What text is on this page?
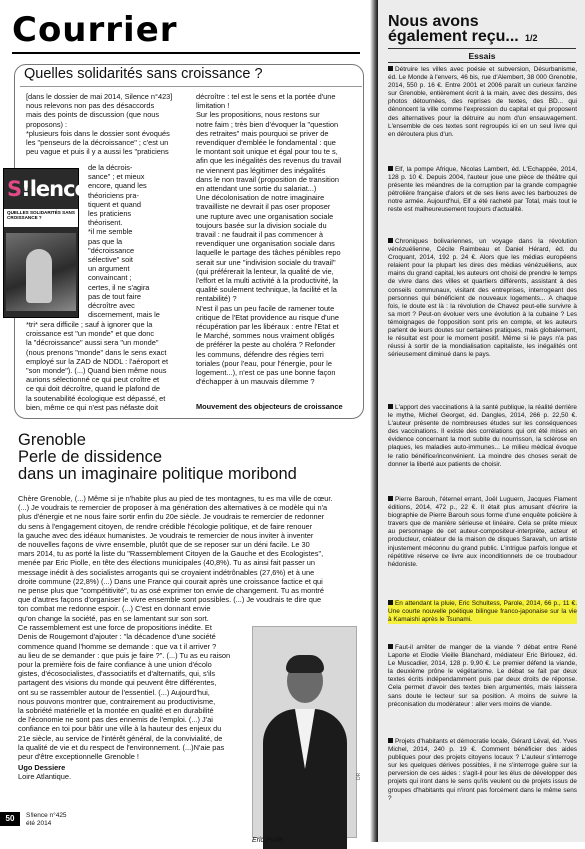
Courrier
Quelles solidarités sans croissance ?
[dans le dossier de mai 2014, Silence n°423]
nous relevons non pas des désaccords
mais des points de discussion (que nous
proposons) :
*plusieurs fois dans le dossier sont évoqués
les "penseurs de la décroissance" ; c'est un
peu vague et puis il y a aussi les "praticiens
S!lence
QUELLES SOLIDARITÉS SANS CROISSANCE ?
de la décrois-
sance" ; et mieux
encore, quand les
théoriciens pra-
tiquent et quand
les praticiens
théorisent.
*il me semble
pas que la
"décroissance
sélective" soit
un argument
convaincant ;
certes, il ne s'agira
pas de tout faire
décroître avec
discernement, mais le
*tri* sera difficile ; sauf à ignorer que la
croissance est "un monde" et que donc
la "décroissance" aussi sera "un monde"
(nous prenons "monde" dans le sens exact
employé sur la ZAD de NDDL : l'aéroport et
"son monde"). (...) Quand bien même nous
aurions sélectionné ce qui peut croître et
ce qui doit décroître, quand le plafond de
la soutenabilité écologique est dépassé, et
bien, même ce qui n'est pas néfaste doit
décroître : tel est le sens et la portée d'une
limitation !
Sur les propositions, nous restons sur
notre faim ; très bien d'évoquer la "question
des retraites" mais pourquoi se priver de
revendiquer d'emblée le fondamental : que
le montant soit unique et égal pour tou te s,
afin que les inégalités des revenus du travail
ne viennent pas légitimer des inégalités
dans le non travail (proposition de transition
en attendant une sortie du salariat...)
Une décolonisation de notre imaginaire
travailliste ne devrait il pas oser proposer
une rupture avec une organisation sociale
toujours basée sur la division sociale du
travail : ne faudrait il pas commencer à
revendiquer une organisation sociale dans
laquelle le partage des tâches pénibles repo
serait sur une "indivision sociale du travail"
(qui préférerait la lenteur, la qualité de vie,
l'effort et la multi activité à la productivité, la
qualité soulement technique, la facilité et la
rentabilité) ?
N'est il pas un peu facile de ramener toute
critique de l'Etat providence au risque d'une
récupération par les libéraux : entre l'Etat et
le Marché, sommes nous vraiment obligés
de préférer la peste au choléra ? Refonder
les communs, défendre des régies terri
toriales (pour l'eau, pour l'énergie, pour le
logement...), n'est ce pas une bonne façon
d'échapper à un mauvais dilemme ?
Mouvement des objecteurs de croissance
Grenoble
Perle de dissidence
dans un imaginaire politique moribond
Chère Grenoble, (...) Même si je n'habite plus au pied de tes montagnes, tu es ma ville de cœur.
(...) Je voudrais te remercier de proposer à ma génération des alternatives à ce modèle qui n'a
plus d'énergie et ne nous faire sortir enfin du 20e siècle. Je voudrais te remercier de redonner
du sens à l'engagement citoyen, de rendre crédible l'écologie politique, et de faire renouer
la gauche avec des idéaux humanistes. Je voudrais te remercier de nous inviter à inventer
de nouvelles façons de vivre ensemble, plutôt que de se reposer sur un déni facile. Le 30
mars 2014, tu as porté la liste du "Rassemblement Citoyen de la Gauche et des Ecologistes",
menée par Eric Piolle, en tête des élections municipales (40,8%). Tu as ainsi fait passer un
message inédit à des socialistes arrogants qui se croyaient indétrônables (27,6%) et à une
droite commune (22,8%) (...) Dans une France qui courait après une croissance factice et qui
ne pense plus que "compétitivité", tu as osé exprimer ton envie de changement. Tu as montré
que d'autres façons d'organiser le vivre ensemble sont possibles. (...) Je voudrais te dire que
ton combat me redonne espoir. (...) C'est en donnant envie
qu'on change la société, pas en se lamentant sur son sort.
Ce rassemblement est une force de propositions inédite. Et
Denis de Rougemont d'ajouter : "la décadence d'une société
commence quand l'homme se demande : que va t il arriver ?
au lieu de se demander : que puis je faire ?". (...) Tu as eu raison
pour la première fois de faire confiance à une union d'écolo
gistes, d'écosocialistes, d'associatifs et d'alternatifs, qui, s'ils
partagent des visions du monde qui peuvent être différentes,
ont su se rassembler autour de l'essentiel. (...) Aujourd'hui,
nous pouvons montrer que, contrairement au productivisme,
la sobriété matérielle et la montée en qualité et en durabilité
de l'économie ne sont pas des ennemis de l'emploi. (...) J'ai
confiance en toi pour bâtir une ville à la hauteur des enjeux du
21e siècle, au service de l'intérêt général, de la convivialité, de
la qualité de vie et du respect de l'environnement. (...)N'aie pas
peur d'être exceptionnelle Grenoble !
Ugo Dessiere
Loire Atlantique.
Eric Piolle
DR
50	S!lence n°425
été 2014
Nous avons
également reçu... 1/2
Essais
Détruire les villes avec poésie et subversion, Désurbanisme, éd. Le Monde à l'envers, 46 bis, rue d'Alembert, 38 000 Grenoble, 2014, 550 p. 16 €. Entre 2001 et 2006 paraît un curieux fanzine sur Grenoble, entièrement écrit à la main, avec des dessins, des photos détournées, des reprises de textes, des BD... qui dénoncent la ville comme l'expression du capital et qui proposent des alternatives pour la détruire au nom d'un ensauvagement. L'ensemble de ces textes sont regroupés ici en un seul livre qui en déroutera plus d'un.
Elf, la pompe Afrique, Nicolas Lambert, éd. L'Echappée, 2014, 128 p. 10 €. Depuis 2004, l'auteur joue une pièce de théâtre qui présente les méandres de la corruption par la grande compagnie pétrolière française d'alors et de ses liens avec les barbouzes de notre armée. Aujourd'hui, Elf a été racheté par Total, mais tout le reste est malheureusement toujours d'actualité.
Chroniques bolivariennes, un voyage dans la révolution vénézuélienne, Cécile Raimbeau et Daniel Hérard, éd. du Croquant, 2014, 192 p. 24 €. Alors que les médias européens relaient pour la plupart les dires des médias vénézuéliens, aux mains du grand capital, les auteurs ont choisi de prendre le temps de vivre dans des villes et quartiers différents, assistant à des conseils communaux, visitant des entreprises, interrogeant des personnes qui bénéficient de nouveaux logements... A chaque fois, le doute est là : la révolution de Chavez peut-elle survivre à sa mort ? Peut-on évoluer vers une évolution à la cubaine ? Les témoignages de l'opposition sont pris en compte, et les auteurs parlent de leurs doutes sur certaines pratiques, mais globalement, le résultat est pour le moment positif. Même si le pays n'a pas réussi à sortir de la mondialisation capitaliste, les inégalités ont sérieusement diminué dans le pays.
L'apport des vaccinations à la santé publique, la réalité derrière le mythe, Michel Georget, éd. Dangles, 2014, 266 p. 22,50 €. L'auteur présente de nombreuses études sur les conséquences des vaccinations. Il existe des corrélations qui ont été mises en évidence concernant la mort subite du nourrisson, la sclérose en plaques, les maladies auto-immunes... Le milieu médical évoque le ratio bénéfice/inconvénient. La moindre des choses serait de donner la liberté aux patients de choisir.
Pierre Barouh, l'éternel errant, Joël Luguern, Jacques Flament éditions, 2014, 472 p., 22 €. Il était plus amusant d'écrire la biographie de Pierre Barouh sous forme d'une enquête policière à travers que de manière sérieuse et linéaire. Cela se prête mieux au personnage de cet auteur-compositeur-interprète, acteur et producteur, créateur de la maison de disques Saravah, un artiste injustement méconnu du grand public. L'intrigue parfois longue et répétitive réserve ce livre aux inconditionnels de ce troubadour hédoniste.
En attendant la pluie, Eric Schultess, Parole, 2014, 66 p., 11 €. Une courte nouvelle poétique bilingue franco-japonaise sur la vie à Kamaishi après le Tsunami.
Faut-il arrêter de manger de la viande ? débat entre René Laporte et Elodie Vieille Blanchard, médiateur Eric Birlouez, éd. Le Muscadier, 2014, 128 p. 9,90 €. Le premier défend la viande, la deuxième prône le végétarisme. Le débat se fait par deux textes écrits indépendamment puis par deux droits de réponse. Cela permet d'avoir des textes bien argumentés, mais laissera sans doute le lecteur sur sa position. A moins de suivre la préconisation du modérateur : aller vers moins de viande.
Projets d'habitants et démocratie locale, Gérard Léval, éd. Yves Michel, 2014, 240 p. 19 €. Comment bénéficier des aides publiques pour des projets citoyens locaux ? L'auteur s'interroge sur les quelques dérives possibles, il ne s'interroge guère sur la perversion de ces aides : s'agit-il pour les élus de développer des projets qui iront dans le sens qu'ils veulent ou de projets issus de groupes d'habitants qui n'iront pas forcément dans le même sens ?
